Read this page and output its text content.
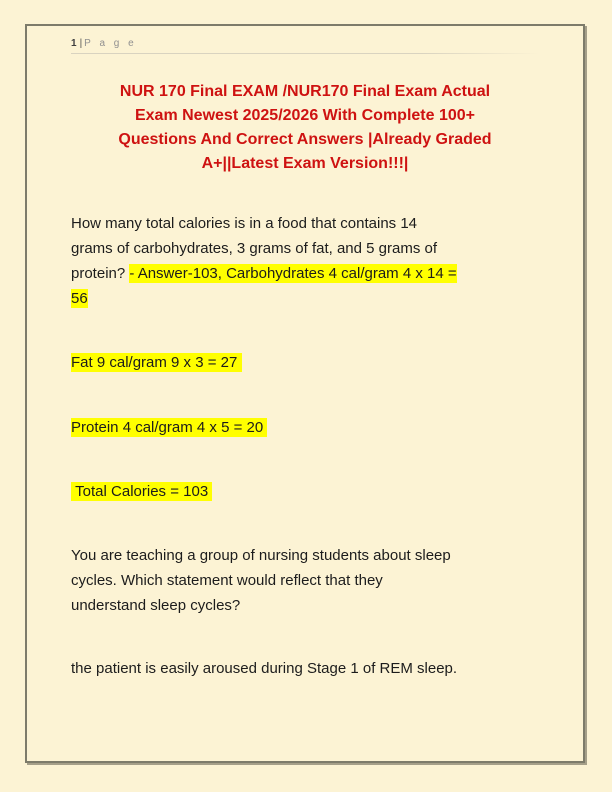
1 | P a g e
NUR 170 Final EXAM /NUR170 Final Exam Actual
Exam Newest 2025/2026 With Complete 100+
Questions And Correct Answers |Already Graded
A+||Latest Exam Version!!!|
How many total calories is in a food that contains 14
grams of carbohydrates, 3 grams of fat, and 5 grams of
protein? - Answer-103, Carbohydrates 4 cal/gram 4 x 14 =
56
Fat 9 cal/gram 9 x 3 = 27
Protein 4 cal/gram 4 x 5 = 20
Total Calories = 103
You are teaching a group of nursing students about sleep
cycles. Which statement would reflect that they
understand sleep cycles?
the patient is easily aroused during Stage 1 of REM sleep.
